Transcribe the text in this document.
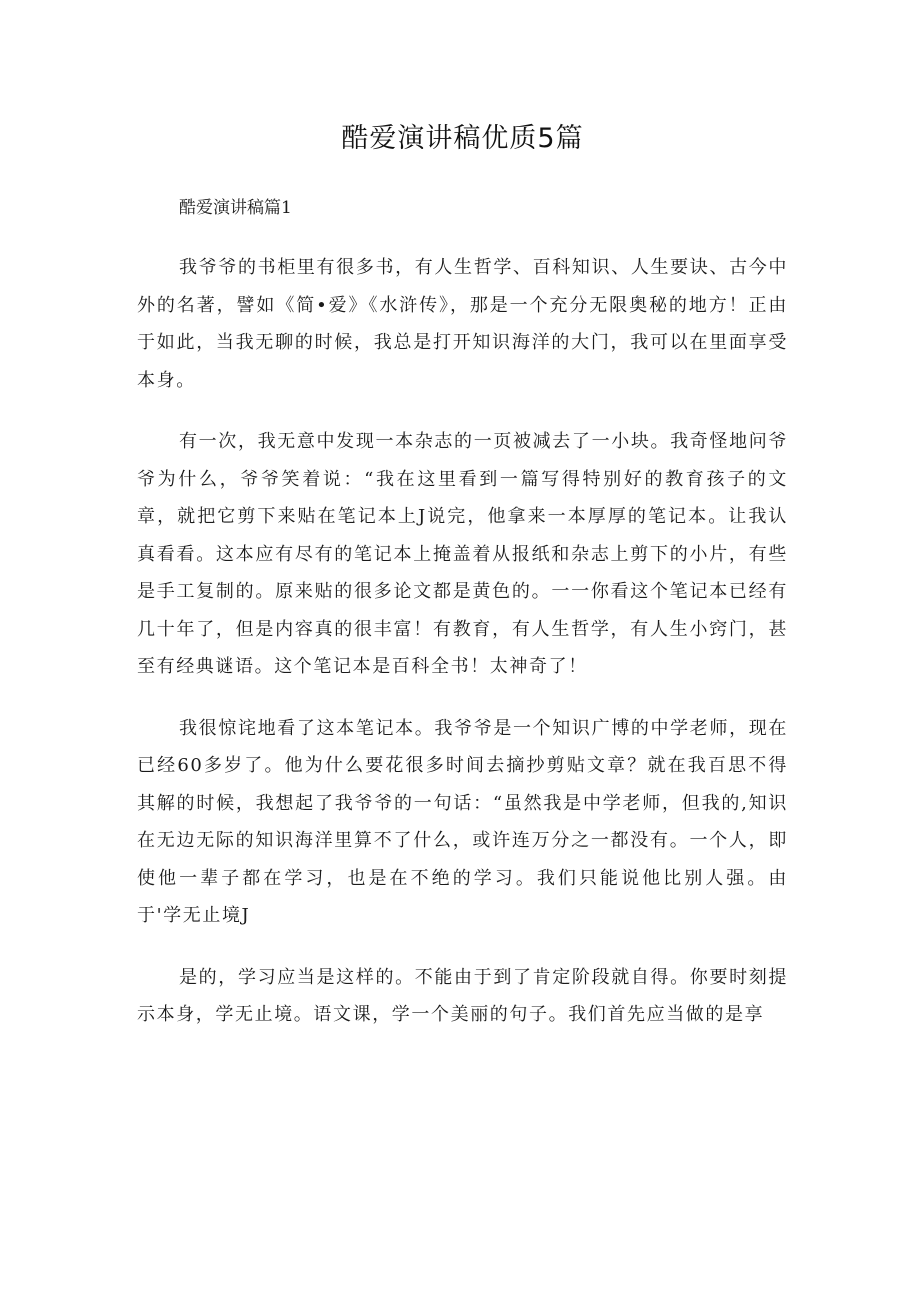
酷爱演讲稿优质5篇

酷爱演讲稿篇1

我爷爷的书柜里有很多书，有人生哲学、百科知识、人生要诀、古今中外的名著，譬如《简•爱》《水浒传》，那是一个充分无限奥秘的地方！正由于如此，当我无聊的时候，我总是打开知识海洋的大门，我可以在里面享受本身。

有一次，我无意中发现一本杂志的一页被减去了一小块。我奇怪地问爷爷为什么，爷爷笑着说：“我在这里看到一篇写得特别好的教育孩子的文章，就把它剪下来贴在笔记本上J说完，他拿来一本厚厚的笔记本。让我认真看看。这本应有尽有的笔记本上掩盖着从报纸和杂志上剪下的小片，有些是手工复制的。原来贴的很多论文都是黄色的。一一你看这个笔记本已经有几十年了，但是内容真的很丰富！有教育，有人生哲学，有人生小窍门，甚至有经典谜语。这个笔记本是百科全书！太神奇了！

我很惊诧地看了这本笔记本。我爷爷是一个知识广博的中学老师，现在已经60多岁了。他为什么要花很多时间去摘抄剪贴文章？就在我百思不得其解的时候，我想起了我爷爷的一句话：“虽然我是中学老师，但我的,知识在无边无际的知识海洋里算不了什么，或许连万分之一都没有。一个人，即使他一辈子都在学习，也是在不绝的学习。我们只能说他比别人强。由于'学无止境J

是的，学习应当是这样的。不能由于到了肯定阶段就自得。你要时刻提示本身，学无止境。语文课，学一个美丽的句子。我们首先应当做的是享
